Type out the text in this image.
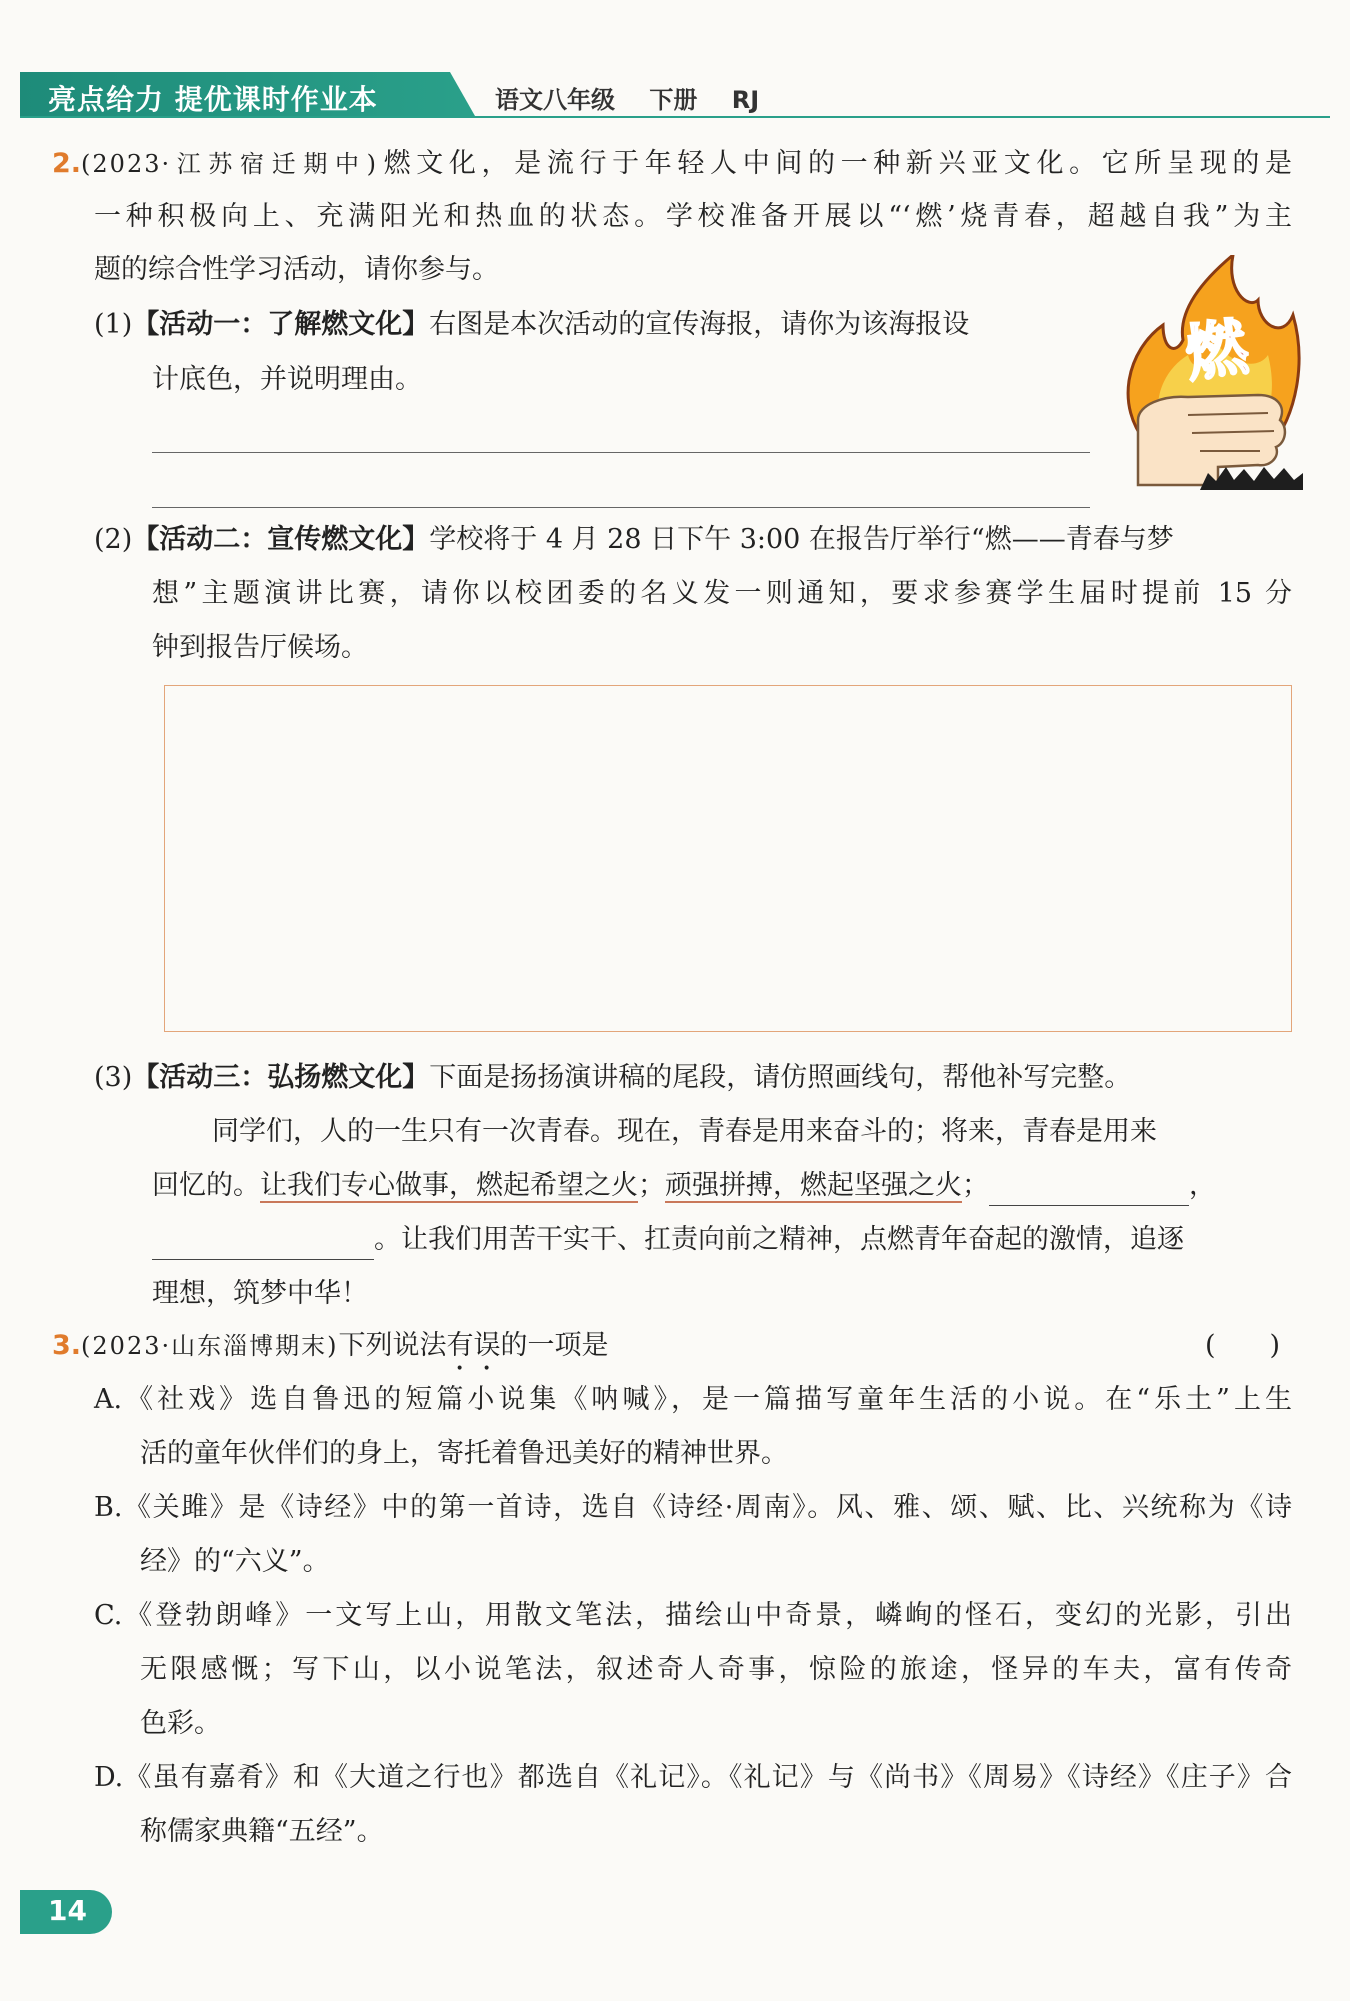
亮点给力 提优课时作业本	语文八年级 下册 RJ
2.(2023·江苏宿迁期中)燃文化，是流行于年轻人中间的一种新兴亚文化。它所呈现的是
一种积极向上、充满阳光和热血的状态。学校准备开展以“‘燃’烧青春，超越自我”为主
题的综合性学习活动，请你参与。
(1)【活动一：了解燃文化】右图是本次活动的宣传海报，请你为该海报设
计底色，并说明理由。	燃
(2)【活动二：宣传燃文化】学校将于 4 月 28 日下午 3:00 在报告厅举行“燃——青春与梦
想”主题演讲比赛，请你以校团委的名义发一则通知，要求参赛学生届时提前 15 分
钟到报告厅候场。
(3)【活动三：弘扬燃文化】下面是扬扬演讲稿的尾段，请仿照画线句，帮他补写完整。
同学们，人的一生只有一次青春。现在，青春是用来奋斗的；将来，青春是用来
回忆的。让我们专心做事，燃起希望之火；顽强拼搏，燃起坚强之火；	，
。让我们用苦干实干、扛责向前之精神，点燃青年奋起的激情，追逐
理想，筑梦中华！
3.(2023·山东淄博期末)下列说法有误的一项是	(　　)
A.《社戏》选自鲁迅的短篇小说集《呐喊》，是一篇描写童年生活的小说。在“乐土”上生
活的童年伙伴们的身上，寄托着鲁迅美好的精神世界。
B.《关雎》是《诗经》中的第一首诗，选自《诗经·周南》。风、雅、颂、赋、比、兴统称为《诗
经》的“六义”。
C.《登勃朗峰》一文写上山，用散文笔法，描绘山中奇景，嶙峋的怪石，变幻的光影，引出
无限感慨；写下山，以小说笔法，叙述奇人奇事，惊险的旅途，怪异的车夫，富有传奇
色彩。
D.《虽有嘉肴》和《大道之行也》都选自《礼记》。《礼记》与《尚书》《周易》《诗经》《庄子》合
称儒家典籍“五经”。
14
